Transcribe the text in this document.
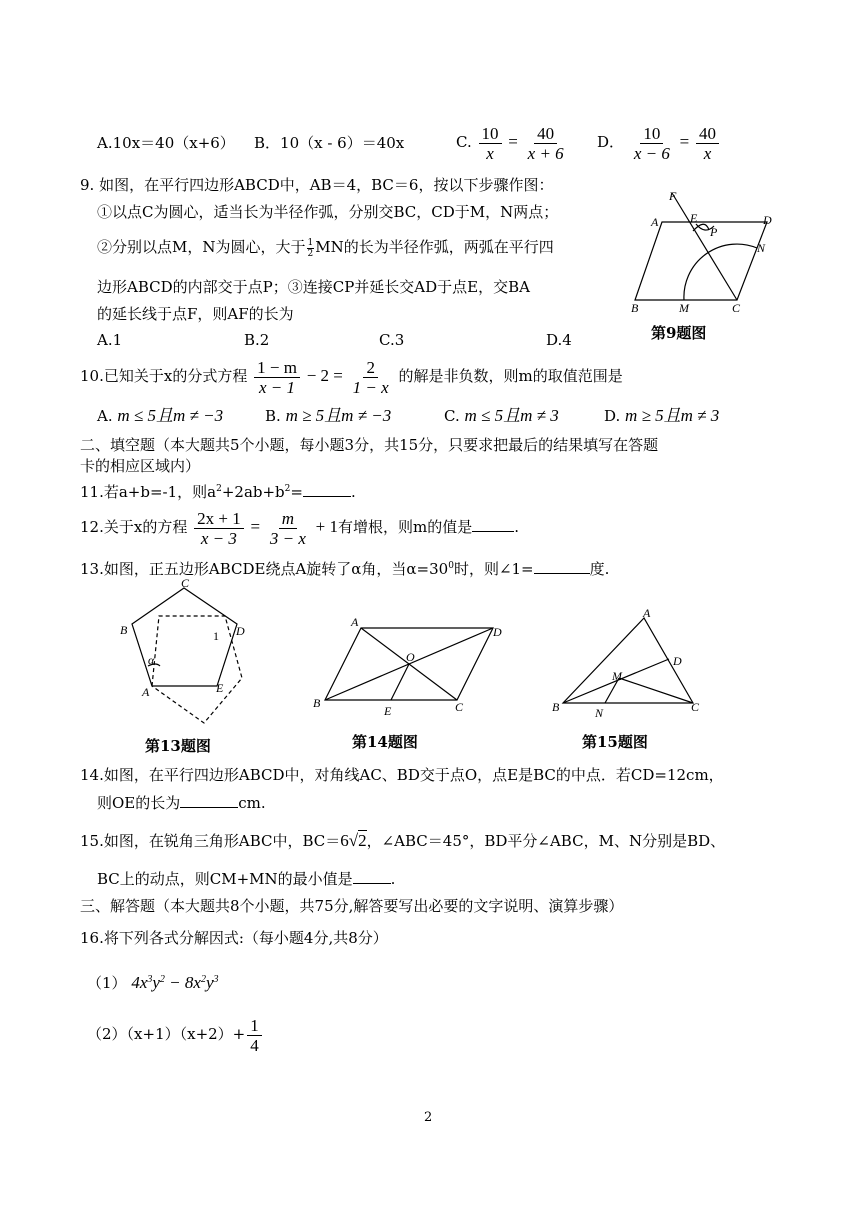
A.10x＝40（x+6） B．10（x - 6）＝40x	C. $\frac{10}{x} = \frac{40}{x + 6}$ D． $\frac{10}{x - 6} = \frac{40}{x}$
9. 如图，在平行四边形ABCD中，AB＝4，BC＝6，按以下步骤作图：
①以点C为圆心，适当长为半径作弧，分别交BC，CD于M，N两点；
②分别以点M，N为圆心，大于 $\frac{1}{2}$ MN的长为半径作弧，两弧在平行四
边形ABCD的内部交于点P；③连接CP并延长交AD于点E，交BA
的延长线于点F，则AF的长为
A.1	B.2	C.3	D.4
F
A	E	D
P
N
B	M	C
第9题图
10.已知关于x的分式方程 $\frac{1 - m}{x - 1} - 2 = \frac{2}{1 - x}$ 的解是非负数，则m的取值范围是
A. m ≤ 5且m ≠ −3	B. m ≥ 5且m ≠ −3	C. m ≤ 5且m ≠ 3	D. m ≥ 5且m ≠ 3
二、填空题（本大题共5个小题，每小题3分，共15分，只要求把最后的结果填写在答题
卡的相应区域内）
11.若a+b=-1，则$a^2+2ab+b^2=$	.
12.关于x的方程 $\frac{2x + 1}{x - 3} = \frac{m}{3 - x} + 1$有增根，则m的值是	.
13.如图，正五边形ABCDE绕点A旋转了α角，当$\alpha=30^0$时，则∠1=	度.
C
B	1 D
α
A	E
第13题图
A
D
O
B
E	C
第14题图
A
D
M
B	N	C
第15题图
14.如图，在平行四边形ABCD中，对角线AC、BD交于点O，点E是BC的中点．若CD=12cm，
则OE的长为	cm.
15.如图，在锐角三角形ABC中，BC＝6√2，∠ABC＝45°，BD平分∠ABC，M、N分别是BD、
BC上的动点，则CM+MN的最小值是	.
三、解答题（本大题共8个小题，共75分,解答要写出必要的文字说明、演算步骤）
16.将下列各式分解因式:（每小题4分,共8分）
（1） $4x^3y^2 - 8x^2y^3$
$(2)(x+1)(x+2)+ \frac{1}{4}$
2
